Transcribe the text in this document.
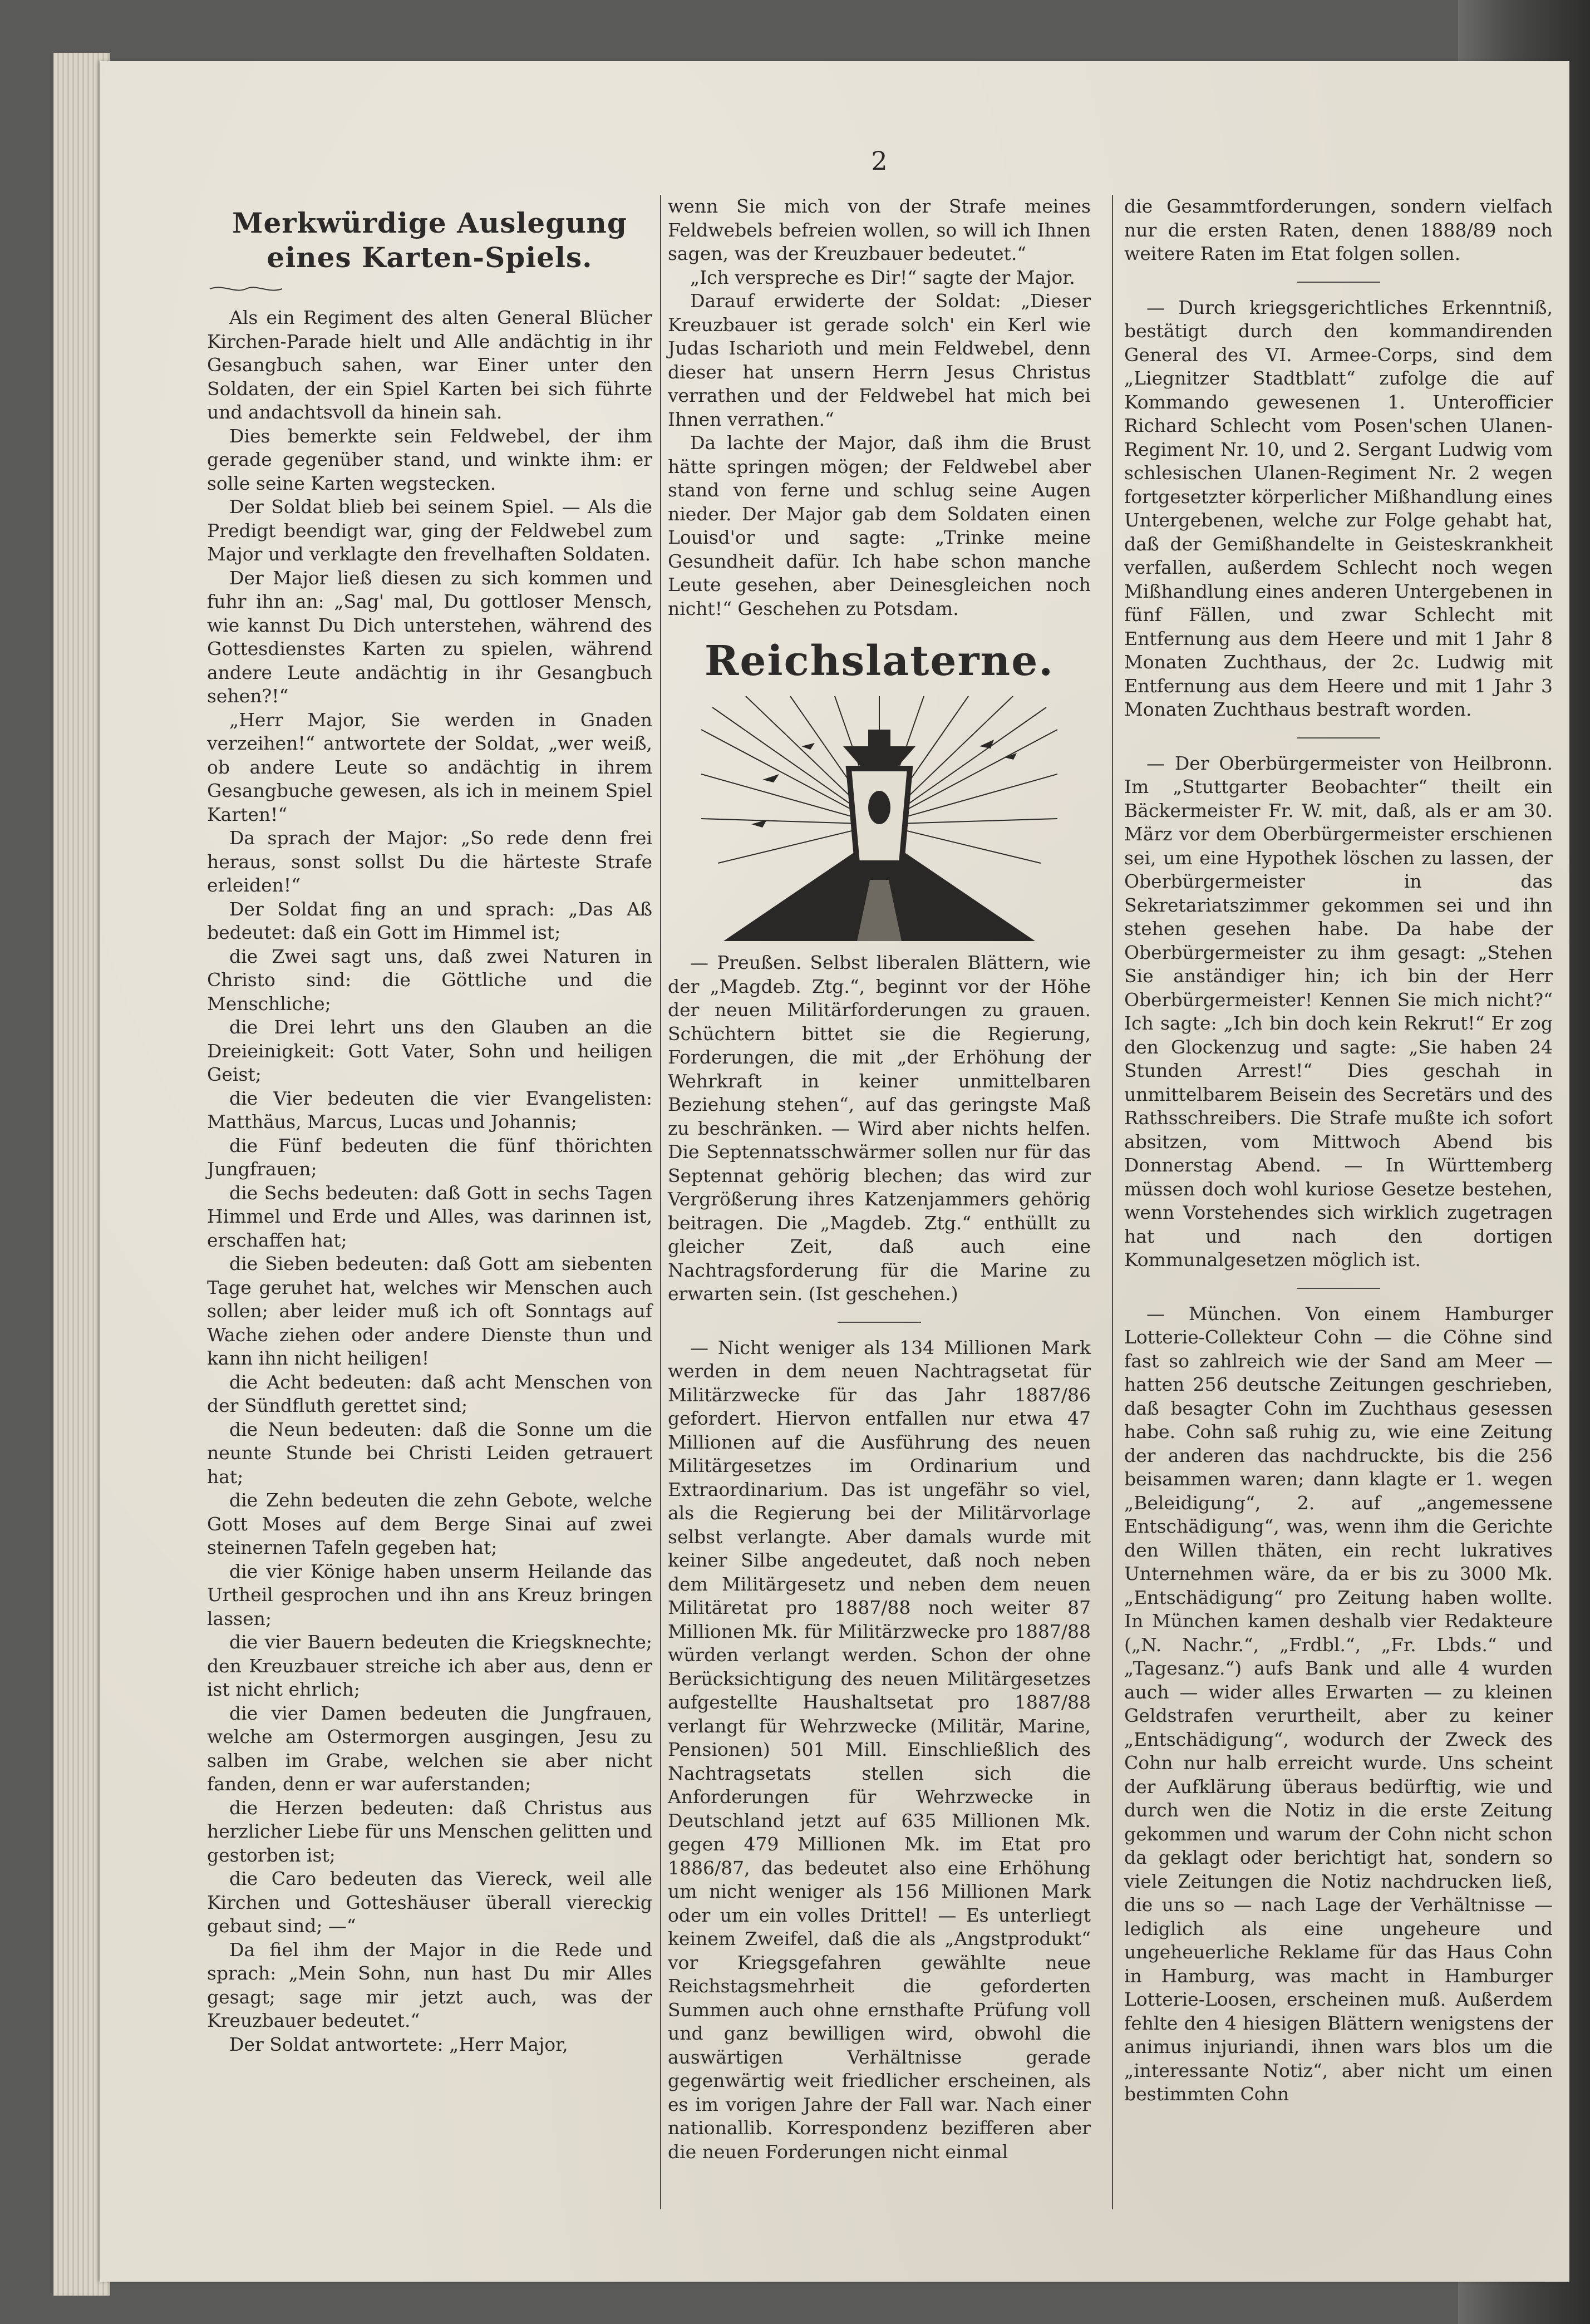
2
Merkwürdige Auslegung eines Karten-Spiels.

Als ein Regiment des alten General Blücher Kirchen-Parade hielt und Alle andächtig in ihr Gesangbuch sahen, war Einer unter den Soldaten, der ein Spiel Karten bei sich führte und andachtsvoll da hinein sah.

Dies bemerkte sein Feldwebel, der ihm gerade gegenüber stand, und winkte ihm: er solle seine Karten wegstecken.

Der Soldat blieb bei seinem Spiel. — Als die Predigt beendigt war, ging der Feldwebel zum Major und verklagte den frevelhaften Soldaten.

Der Major ließ diesen zu sich kommen und fuhr ihn an: „Sag' mal, Du gottloser Mensch, wie kannst Du Dich unterstehen, während des Gottesdienstes Karten zu spielen, während andere Leute andächtig in ihr Gesangbuch sehen?!“

„Herr Major, Sie werden in Gnaden verzeihen!“ antwortete der Soldat, „wer weiß, ob andere Leute so andächtig in ihrem Gesangbuche gewesen, als ich in meinem Spiel Karten!“

Da sprach der Major: „So rede denn frei heraus, sonst sollst Du die härteste Strafe erleiden!“

Der Soldat fing an und sprach: „Das Aß bedeutet: daß ein Gott im Himmel ist;

die Zwei sagt uns, daß zwei Naturen in Christo sind: die Göttliche und die Menschliche;

die Drei lehrt uns den Glauben an die Dreieinigkeit: Gott Vater, Sohn und heiligen Geist;

die Vier bedeuten die vier Evangelisten: Matthäus, Marcus, Lucas und Johannis;

die Fünf bedeuten die fünf thörichten Jungfrauen;

die Sechs bedeuten: daß Gott in sechs Tagen Himmel und Erde und Alles, was darinnen ist, erschaffen hat;

die Sieben bedeuten: daß Gott am siebenten Tage geruhet hat, welches wir Menschen auch sollen; aber leider muß ich oft Sonntags auf Wache ziehen oder andere Dienste thun und kann ihn nicht heiligen!

die Acht bedeuten: daß acht Menschen von der Sündfluth gerettet sind;

die Neun bedeuten: daß die Sonne um die neunte Stunde bei Christi Leiden getrauert hat;

die Zehn bedeuten die zehn Gebote, welche Gott Moses auf dem Berge Sinai auf zwei steinernen Tafeln gegeben hat;

die vier Könige haben unserm Heilande das Urtheil gesprochen und ihn ans Kreuz bringen lassen;

die vier Bauern bedeuten die Kriegsknechte; den Kreuzbauer streiche ich aber aus, denn er ist nicht ehrlich;

die vier Damen bedeuten die Jungfrauen, welche am Ostermorgen ausgingen, Jesu zu salben im Grabe, welchen sie aber nicht fanden, denn er war auferstanden;

die Herzen bedeuten: daß Christus aus herzlicher Liebe für uns Menschen gelitten und gestorben ist;

die Caro bedeuten das Viereck, weil alle Kirchen und Gotteshäuser überall viereckig gebaut sind; —“

Da fiel ihm der Major in die Rede und sprach: „Mein Sohn, nun hast Du mir Alles gesagt; sage mir jetzt auch, was der Kreuzbauer bedeutet.“

Der Soldat antwortete: „Herr Major,

wenn Sie mich von der Strafe meines Feldwebels befreien wollen, so will ich Ihnen sagen, was der Kreuzbauer bedeutet.“

„Ich verspreche es Dir!“ sagte der Major.

Darauf erwiderte der Soldat: „Dieser Kreuzbauer ist gerade solch' ein Kerl wie Judas Ischarioth und mein Feldwebel, denn dieser hat unsern Herrn Jesus Christus verrathen und der Feldwebel hat mich bei Ihnen verrathen.“

Da lachte der Major, daß ihm die Brust hätte springen mögen; der Feldwebel aber stand von ferne und schlug seine Augen nieder. Der Major gab dem Soldaten einen Louisd'or und sagte: „Trinke meine Gesundheit dafür. Ich habe schon manche Leute gesehen, aber Deinesgleichen noch nicht!“ Geschehen zu Potsdam.

Reichslaterne.

— Preußen. Selbst liberalen Blättern, wie der „Magdeb. Ztg.“, beginnt vor der Höhe der neuen Militärforderungen zu grauen. Schüchtern bittet sie die Regierung, Forderungen, die mit „der Erhöhung der Wehrkraft in keiner unmittelbaren Beziehung stehen“, auf das geringste Maß zu beschränken. — Wird aber nichts helfen. Die Septennatsschwärmer sollen nur für das Septennat gehörig blechen; das wird zur Vergrößerung ihres Katzenjammers gehörig beitragen. Die „Magdeb. Ztg.“ enthüllt zu gleicher Zeit, daß auch eine Nachtragsforderung für die Marine zu erwarten sein. (Ist geschehen.)

— Nicht weniger als 134 Millionen Mark werden in dem neuen Nachtragsetat für Militärzwecke für das Jahr 1887/86 gefordert. Hiervon entfallen nur etwa 47 Millionen auf die Ausführung des neuen Militärgesetzes im Ordinarium und Extraordinarium. Das ist ungefähr so viel, als die Regierung bei der Militärvorlage selbst verlangte. Aber damals wurde mit keiner Silbe angedeutet, daß noch neben dem Militärgesetz und neben dem neuen Militäretat pro 1887/88 noch weiter 87 Millionen Mk. für Militärzwecke pro 1887/88 würden verlangt werden. Schon der ohne Berücksichtigung des neuen Militärgesetzes aufgestellte Haushaltsetat pro 1887/88 verlangt für Wehrzwecke (Militär, Marine, Pensionen) 501 Mill. Einschließlich des Nachtragsetats stellen sich die Anforderungen für Wehrzwecke in Deutschland jetzt auf 635 Millionen Mk. gegen 479 Millionen Mk. im Etat pro 1886/87, das bedeutet also eine Erhöhung um nicht weniger als 156 Millionen Mark oder um ein volles Drittel! — Es unterliegt keinem Zweifel, daß die als „Angstprodukt“ vor Kriegsgefahren gewählte neue Reichstagsmehrheit die geforderten Summen auch ohne ernsthafte Prüfung voll und ganz bewilligen wird, obwohl die auswärtigen Verhältnisse gerade gegenwärtig weit friedlicher erscheinen, als es im vorigen Jahre der Fall war. Nach einer nationallib. Korrespondenz bezifferen aber die neuen Forderungen nicht einmal

die Gesammtforderungen, sondern vielfach nur die ersten Raten, denen 1888/89 noch weitere Raten im Etat folgen sollen.

— Durch kriegsgerichtliches Erkenntniß, bestätigt durch den kommandirenden General des VI. Armee-Corps, sind dem „Liegnitzer Stadtblatt“ zufolge die auf Kommando gewesenen 1. Unterofficier Richard Schlecht vom Posen'schen Ulanen-Regiment Nr. 10, und 2. Sergant Ludwig vom schlesischen Ulanen-Regiment Nr. 2 wegen fortgesetzter körperlicher Mißhandlung eines Untergebenen, welche zur Folge gehabt hat, daß der Gemißhandelte in Geisteskrankheit verfallen, außerdem Schlecht noch wegen Mißhandlung eines anderen Untergebenen in fünf Fällen, und zwar Schlecht mit Entfernung aus dem Heere und mit 1 Jahr 8 Monaten Zuchthaus, der 2c. Ludwig mit Entfernung aus dem Heere und mit 1 Jahr 3 Monaten Zuchthaus bestraft worden.

— Der Oberbürgermeister von Heilbronn. Im „Stuttgarter Beobachter“ theilt ein Bäckermeister Fr. W. mit, daß, als er am 30. März vor dem Oberbürgermeister erschienen sei, um eine Hypothek löschen zu lassen, der Oberbürgermeister in das Sekretariatszimmer gekommen sei und ihn stehen gesehen habe. Da habe der Oberbürgermeister zu ihm gesagt: „Stehen Sie anständiger hin; ich bin der Herr Oberbürgermeister! Kennen Sie mich nicht?“ Ich sagte: „Ich bin doch kein Rekrut!“ Er zog den Glockenzug und sagte: „Sie haben 24 Stunden Arrest!“ Dies geschah in unmittelbarem Beisein des Secretärs und des Rathsschreibers. Die Strafe mußte ich sofort absitzen, vom Mittwoch Abend bis Donnerstag Abend. — In Württemberg müssen doch wohl kuriose Gesetze bestehen, wenn Vorstehendes sich wirklich zugetragen hat und nach den dortigen Kommunalgesetzen möglich ist.

— München. Von einem Hamburger Lotterie-Collekteur Cohn — die Cöhne sind fast so zahlreich wie der Sand am Meer — hatten 256 deutsche Zeitungen geschrieben, daß besagter Cohn im Zuchthaus gesessen habe. Cohn saß ruhig zu, wie eine Zeitung der anderen das nachdruckte, bis die 256 beisammen waren; dann klagte er 1. wegen „Beleidigung“, 2. auf „angemessene Entschädigung“, was, wenn ihm die Gerichte den Willen thäten, ein recht lukratives Unternehmen wäre, da er bis zu 3000 Mk. „Entschädigung“ pro Zeitung haben wollte. In München kamen deshalb vier Redakteure („N. Nachr.“, „Frdbl.“, „Fr. Lbds.“ und „Tagesanz.“) aufs Bank und alle 4 wurden auch — wider alles Erwarten — zu kleinen Geldstrafen verurtheilt, aber zu keiner „Entschädigung“, wodurch der Zweck des Cohn nur halb erreicht wurde. Uns scheint der Aufklärung überaus bedürftig, wie und durch wen die Notiz in die erste Zeitung gekommen und warum der Cohn nicht schon da geklagt oder berichtigt hat, sondern so viele Zeitungen die Notiz nachdrucken ließ, die uns so — nach Lage der Verhältnisse — lediglich als eine ungeheure und ungeheuerliche Reklame für das Haus Cohn in Hamburg, was macht in Hamburger Lotterie-Loosen, erscheinen muß. Außerdem fehlte den 4 hiesigen Blättern wenigstens der animus injuriandi, ihnen wars blos um die „interessante Notiz“, aber nicht um einen bestimmten Cohn
